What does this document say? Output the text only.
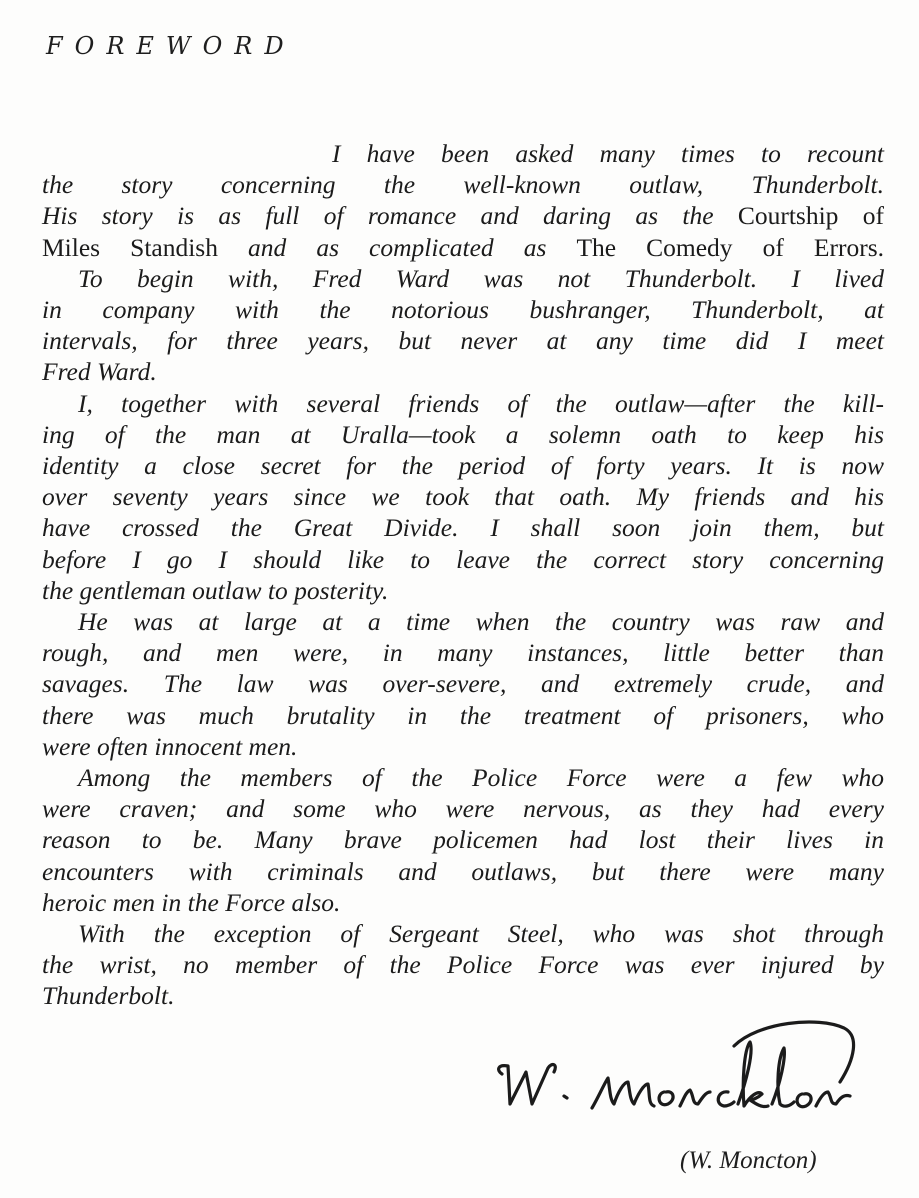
FOREWORD
I have been asked many times to recount
the story concerning the well-known outlaw, Thunderbolt.
His story is as full of romance and daring as the Courtship of
Miles Standish and as complicated as The Comedy of Errors.
To begin with, Fred Ward was not Thunderbolt. I lived
in company with the notorious bushranger, Thunderbolt, at
intervals, for three years, but never at any time did I meet
Fred Ward.
I, together with several friends of the outlaw—after the kill-
ing of the man at Uralla—took a solemn oath to keep his
identity a close secret for the period of forty years. It is now
over seventy years since we took that oath. My friends and his
have crossed the Great Divide. I shall soon join them, but
before I go I should like to leave the correct story concerning
the gentleman outlaw to posterity.
He was at large at a time when the country was raw and
rough, and men were, in many instances, little better than
savages. The law was over-severe, and extremely crude, and
there was much brutality in the treatment of prisoners, who
were often innocent men.
Among the members of the Police Force were a few who
were craven; and some who were nervous, as they had every
reason to be. Many brave policemen had lost their lives in
encounters with criminals and outlaws, but there were many
heroic men in the Force also.
With the exception of Sergeant Steel, who was shot through
the wrist, no member of the Police Force was ever injured by
Thunderbolt.
(W. Moncton)
